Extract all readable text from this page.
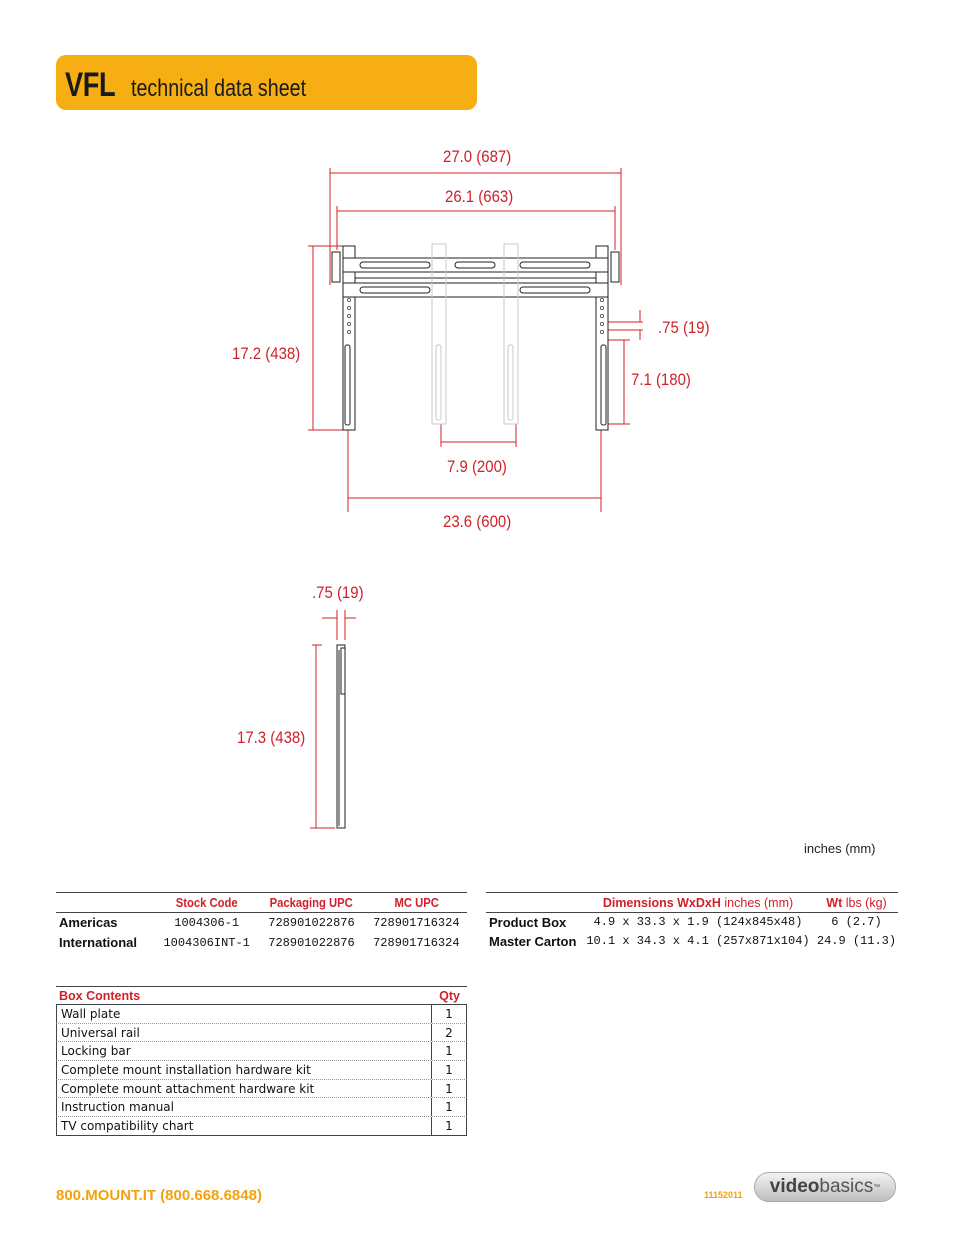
VFL technical data sheet
27.0 (687)
26.1 (663)
17.2 (438)
.75 (19)
7.1 (180)
7.9 (200)
23.6 (600)
.75 (19)
17.3 (438)
inches (mm)
	Stock Code	Packaging UPC	MC UPC
Americas	1004306-1	728901022876	728901716324
International	1004306INT-1	728901022876	728901716324
	Dimensions WxDxH inches (mm)	Wt lbs (kg)
Product Box	4.9 x 33.3 x 1.9 (124x845x48)	6 (2.7)
Master Carton	10.1 x 34.3 x 4.1 (257x871x104)	24.9 (11.3)
Box Contents	Qty
Wall plate	1
Universal rail	2
Locking bar	1
Complete mount installation hardware kit	1
Complete mount attachment hardware kit	1
Instruction manual	1
TV compatibility chart	1
800.MOUNT.IT (800.668.6848)	11152011 video basics ™
